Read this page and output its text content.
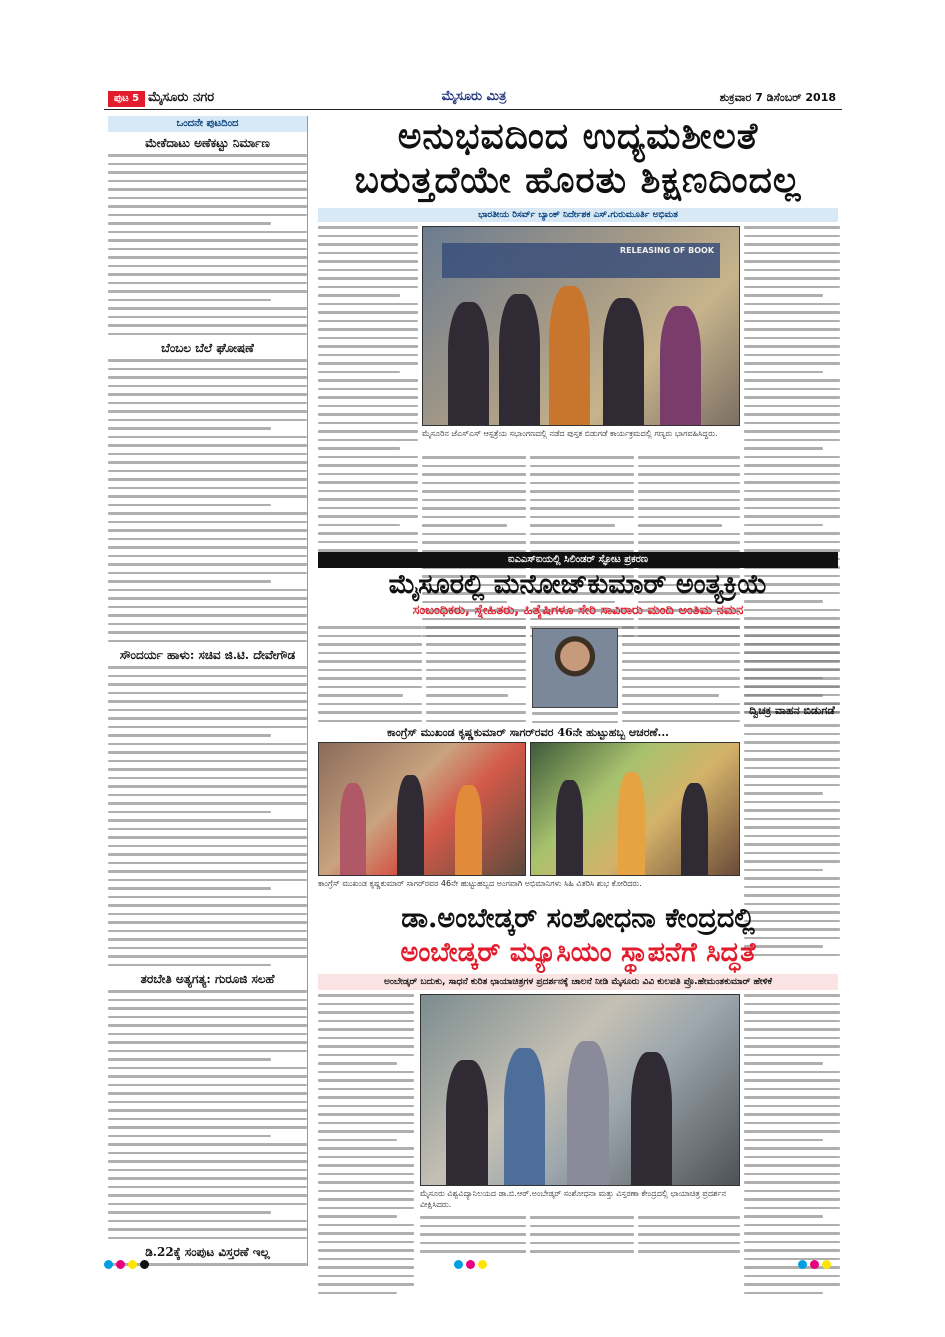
ಪುಟ 5 ಮೈಸೂರು ನಗರ	ಮೈಸೂರು ಮಿತ್ರ	ಶುಕ್ರವಾರ 7 ಡಿಸೆಂಬರ್ 2018
ಒಂದನೇ ಪುಟದಿಂದ
ಮೇಕೆದಾಟು ಅಣೆಕಟ್ಟು ನಿರ್ಮಾಣ
ಬೆಂಬಲ ಬೆಲೆ ಘೋಷಣೆ
ಸೌಂದರ್ಯ ಹಾಳು: ಸಚಿವ ಜಿ.ಟಿ. ದೇವೇಗೌಡ
ತರಬೇತಿ ಅತ್ಯಗತ್ಯ: ಗುರೂಜಿ ಸಲಹೆ
ಡಿ.22ಕ್ಕೆ ಸಂಪುಟ ವಿಸ್ತರಣೆ ಇಲ್ಲ
ಅನುಭವದಿಂದ ಉದ್ಯಮಶೀಲತೆ
ಬರುತ್ತದೆಯೇ ಹೊರತು ಶಿಕ್ಷಣದಿಂದಲ್ಲ
ಭಾರತೀಯ ರಿಸರ್ವ್ ಬ್ಯಾಂಕ್ ನಿರ್ದೇಶಕ ಎಸ್.ಗುರುಮೂರ್ತಿ ಅಭಿಮತ
RELEASING OF BOOK
ಮೈಸೂರಿನ ಜೆಎಸ್‌ಎಸ್ ಆಸ್ಪತ್ರೆಯ ಸಭಾಂಗಣದಲ್ಲಿ ನಡೆದ ಪುಸ್ತಕ ಬಿಡುಗಡೆ ಕಾರ್ಯಕ್ರಮದಲ್ಲಿ ಗಣ್ಯರು ಭಾಗವಹಿಸಿದ್ದರು.
ಐಎಎಸ್‌ಐಯಲ್ಲಿ ಸಿಲಿಂಡರ್ ಸ್ಫೋಟ ಪ್ರಕರಣ
ಮೈಸೂರಲ್ಲಿ ಮನೋಜ್‌ಕುಮಾರ್ ಅಂತ್ಯಕ್ರಿಯೆ
ಸಂಬಂಧಿಕರು, ಸ್ನೇಹಿತರು, ಹಿತೈಷಿಗಳೂ ಸೇರಿ ಸಾವಿರಾರು ಮಂದಿ ಅಂತಿಮ ನಮನ
ದ್ವಿಚಕ್ರ ವಾಹನ ಬಿಡುಗಡೆ
ಕಾಂಗ್ರೆಸ್ ಮುಖಂಡ ಕೃಷ್ಣಕುಮಾರ್ ಸಾಗರ್‌ರವರ 46ನೇ ಹುಟ್ಟುಹಬ್ಬ ಆಚರಣೆ...
ಕಾಂಗ್ರೆಸ್ ಮುಖಂಡ ಕೃಷ್ಣಕುಮಾರ್ ಸಾಗರ್‌ರವರ 46ನೇ ಹುಟ್ಟುಹಬ್ಬದ ಅಂಗವಾಗಿ ಅಭಿಮಾನಿಗಳು ಸಿಹಿ ವಿತರಿಸಿ ಶುಭ ಕೋರಿದರು.
ಡಾ.ಅಂಬೇಡ್ಕರ್ ಸಂಶೋಧನಾ ಕೇಂದ್ರದಲ್ಲಿ
ಅಂಬೇಡ್ಕರ್ ಮ್ಯೂಸಿಯಂ ಸ್ಥಾಪನೆಗೆ ಸಿದ್ಧತೆ
ಅಂಬೇಡ್ಕರ್ ಬದುಕು, ಸಾಧನೆ ಕುರಿತ ಛಾಯಾಚಿತ್ರಗಳ ಪ್ರದರ್ಶನಕ್ಕೆ ಚಾಲನೆ ನೀಡಿ ಮೈಸೂರು ವಿವಿ ಕುಲಪತಿ ಪ್ರೊ.ಹೇಮಂತಕುಮಾರ್ ಹೇಳಿಕೆ
ಮೈಸೂರು ವಿಶ್ವವಿದ್ಯಾನಿಲಯದ ಡಾ.ಬಿ.ಆರ್.ಅಂಬೇಡ್ಕರ್ ಸಂಶೋಧನಾ ಮತ್ತು ವಿಸ್ತರಣಾ ಕೇಂದ್ರದಲ್ಲಿ ಛಾಯಾಚಿತ್ರ ಪ್ರದರ್ಶನ ವೀಕ್ಷಿಸಿದರು.
